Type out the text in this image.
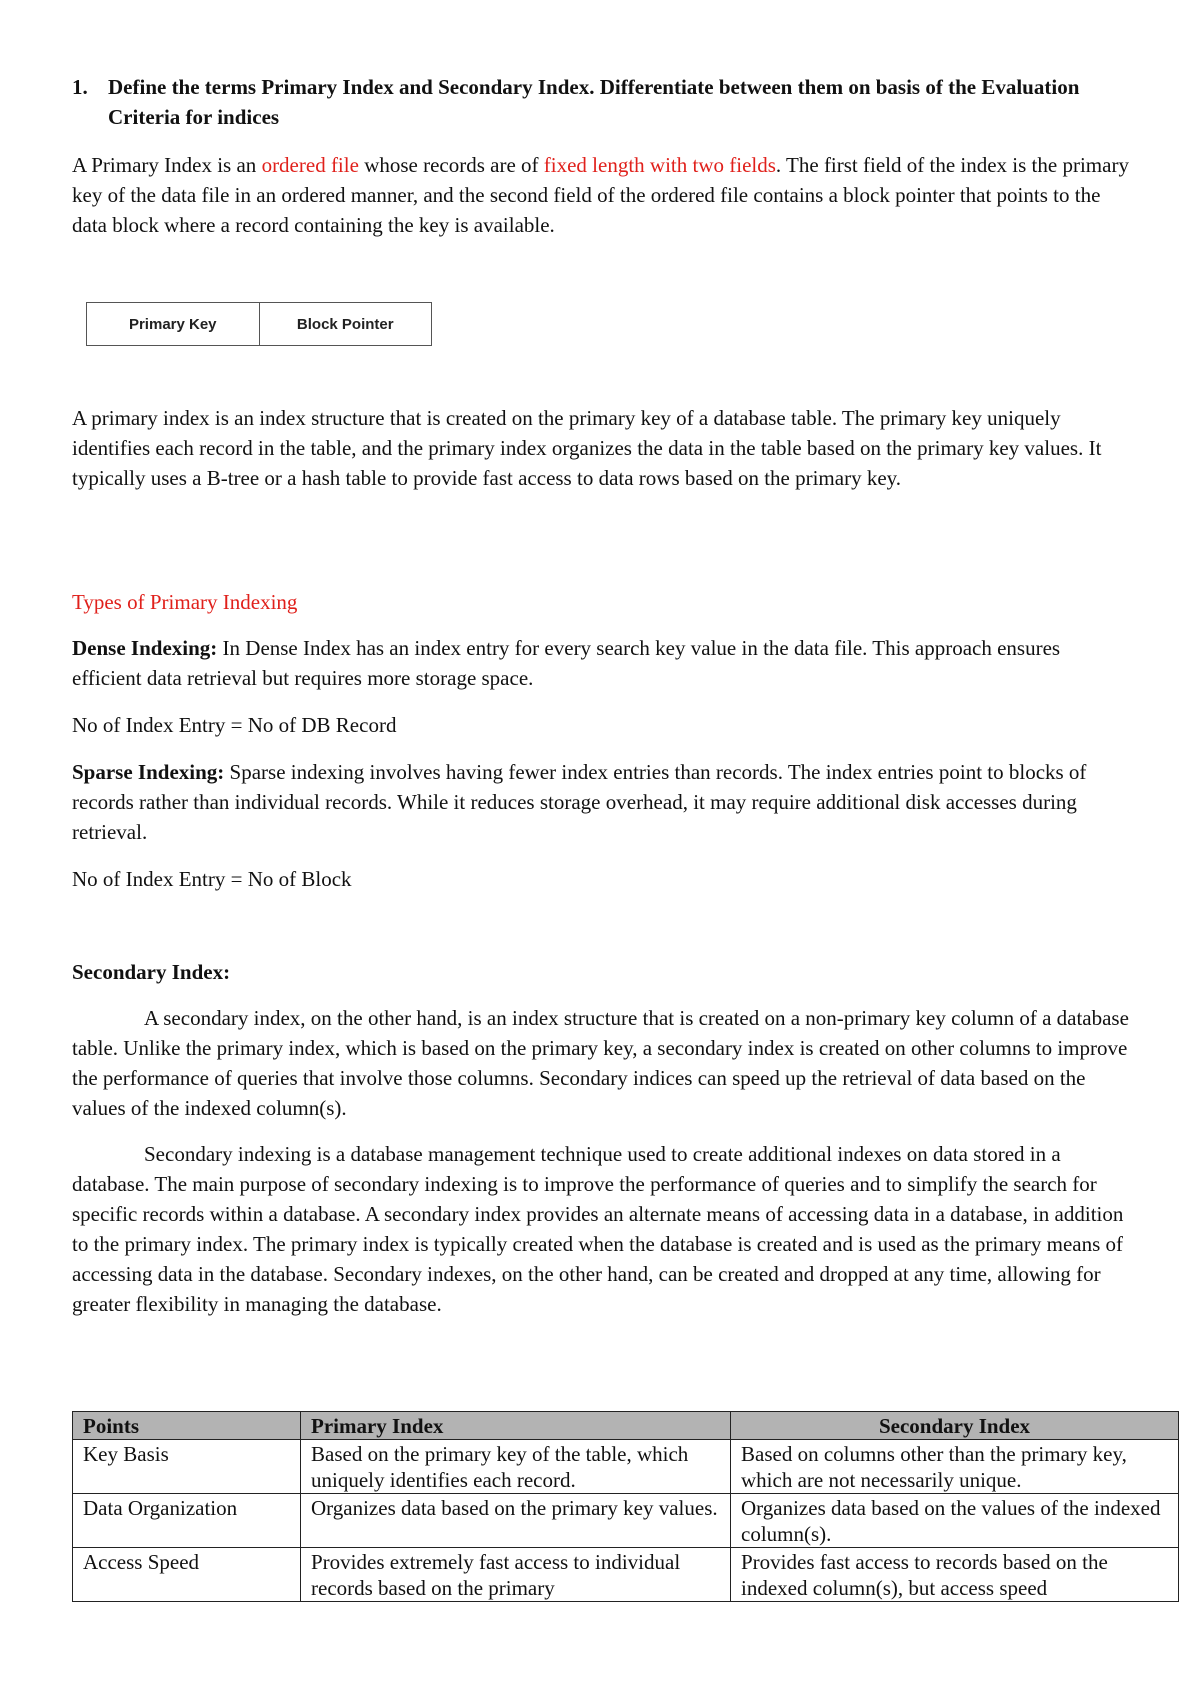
1. Define the terms Primary Index and Secondary Index. Differentiate between them on basis of the Evaluation Criteria for indices

A Primary Index is an ordered file whose records are of fixed length with two fields. The first field of the index is the primary key of the data file in an ordered manner, and the second field of the ordered file contains a block pointer that points to the data block where a record containing the key is available.

Primary Key	Block Pointer

A primary index is an index structure that is created on the primary key of a database table. The primary key uniquely identifies each record in the table, and the primary index organizes the data in the table based on the primary key values. It typically uses a B-tree or a hash table to provide fast access to data rows based on the primary key.

Types of Primary Indexing

Dense Indexing: In Dense Index has an index entry for every search key value in the data file. This approach ensures efficient data retrieval but requires more storage space.

No of Index Entry = No of DB Record

Sparse Indexing: Sparse indexing involves having fewer index entries than records. The index entries point to blocks of records rather than individual records. While it reduces storage overhead, it may require additional disk accesses during retrieval.

No of Index Entry = No of Block

Secondary Index:

A secondary index, on the other hand, is an index structure that is created on a non-primary key column of a database table. Unlike the primary index, which is based on the primary key, a secondary index is created on other columns to improve the performance of queries that involve those columns. Secondary indices can speed up the retrieval of data based on the values of the indexed column(s).

Secondary indexing is a database management technique used to create additional indexes on data stored in a database. The main purpose of secondary indexing is to improve the performance of queries and to simplify the search for specific records within a database. A secondary index provides an alternate means of accessing data in a database, in addition to the primary index. The primary index is typically created when the database is created and is used as the primary means of accessing data in the database. Secondary indexes, on the other hand, can be created and dropped at any time, allowing for greater flexibility in managing the database.

Points	Primary Index	Secondary Index
Key Basis	Based on the primary key of the table, which uniquely identifies each record.	Based on columns other than the primary key, which are not necessarily unique.
Data Organization	Organizes data based on the primary key values.	Organizes data based on the values of the indexed column(s).
Access Speed	Provides extremely fast access to individual records based on the primary	Provides fast access to records based on the indexed column(s), but access speed
